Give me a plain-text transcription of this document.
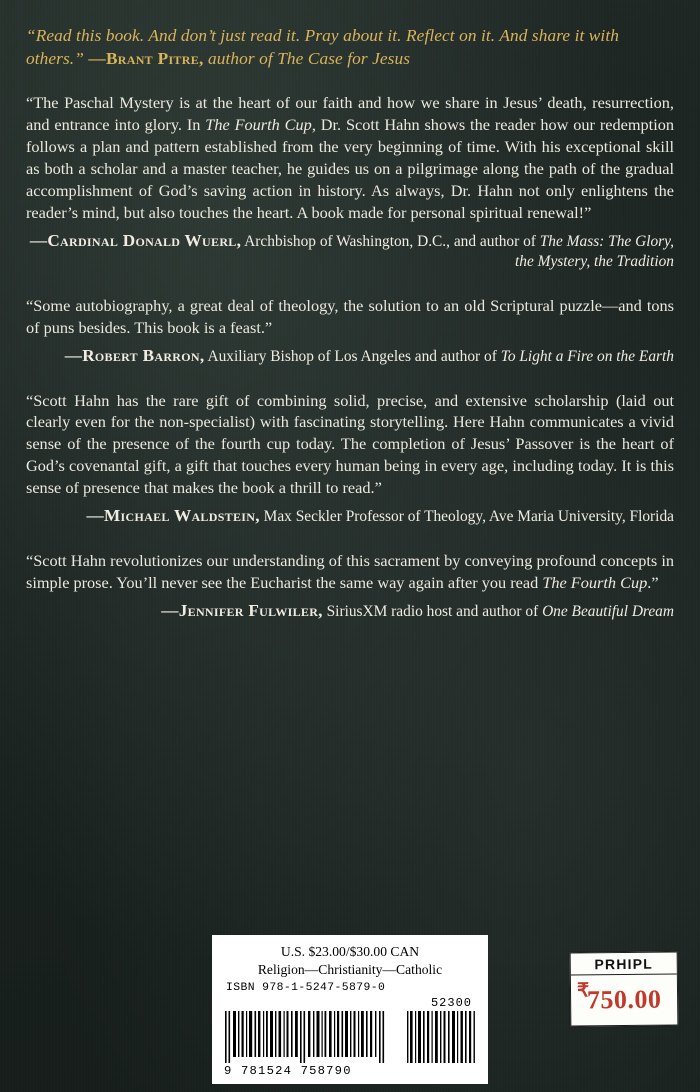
“Read this book. And don’t just read it. Pray about it. Reflect on it. And share it with others.” —Brant Pitre, author of The Case for Jesus

“The Paschal Mystery is at the heart of our faith and how we share in Jesus’ death, resurrection, and entrance into glory. In The Fourth Cup, Dr. Scott Hahn shows the reader how our redemption follows a plan and pattern established from the very beginning of time. With his exceptional skill as both a scholar and a master teacher, he guides us on a pilgrimage along the path of the gradual accomplishment of God’s saving action in history. As always, Dr. Hahn not only enlightens the reader’s mind, but also touches the heart. A book made for personal spiritual renewal!”

—Cardinal Donald Wuerl, Archbishop of Washington, D.C., and author of The Mass: The Glory, the Mystery, the Tradition

“Some autobiography, a great deal of theology, the solution to an old Scriptural puzzle—and tons of puns besides. This book is a feast.”

—Robert Barron, Auxiliary Bishop of Los Angeles and author of To Light a Fire on the Earth

“Scott Hahn has the rare gift of combining solid, precise, and extensive scholarship (laid out clearly even for the non-specialist) with fascinating storytelling. Here Hahn communicates a vivid sense of the presence of the fourth cup today. The completion of Jesus’ Passover is the heart of God’s covenantal gift, a gift that touches every human being in every age, including today. It is this sense of presence that makes the book a thrill to read.”

—Michael Waldstein, Max Seckler Professor of Theology, Ave Maria University, Florida

“Scott Hahn revolutionizes our understanding of this sacrament by conveying profound concepts in simple prose. You’ll never see the Eucharist the same way again after you read The Fourth Cup.”

—Jennifer Fulwiler, SiriusXM radio host and author of One Beautiful Dream

U.S. $23.00/$30.00 CAN
Religion—Christianity—Catholic
ISBN 978-1-5247-5879-0
52300
9 781524 758790
PRHIPL
₹
750.00
